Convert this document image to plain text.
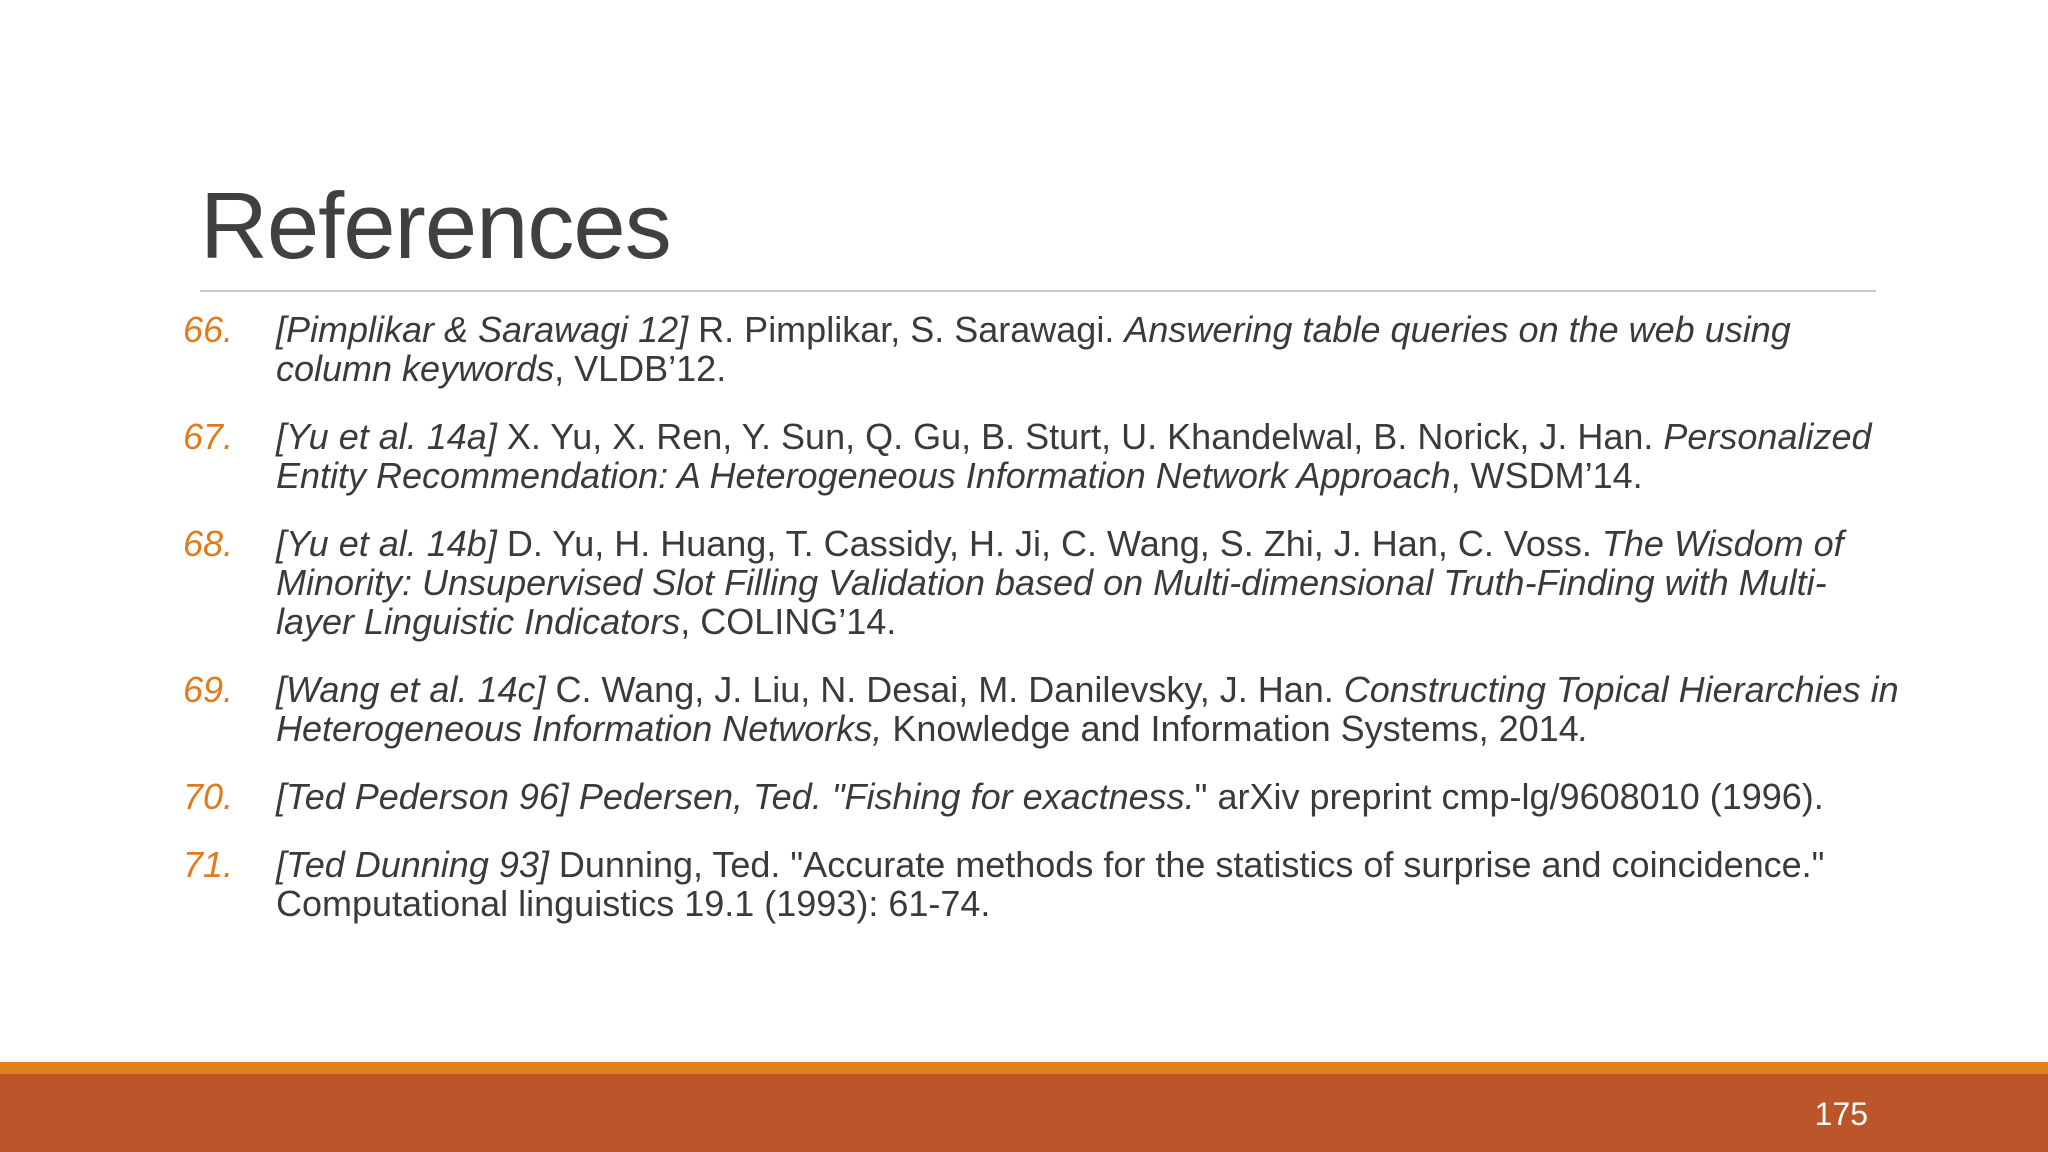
References
66. [Pimplikar & Sarawagi 12] R. Pimplikar, S. Sarawagi. Answering table queries on the web using column keywords, VLDB’12.
67. [Yu et al. 14a] X. Yu, X. Ren, Y. Sun, Q. Gu, B. Sturt, U. Khandelwal, B. Norick, J. Han. Personalized Entity Recommendation: A Heterogeneous Information Network Approach, WSDM’14.
68. [Yu et al. 14b] D. Yu, H. Huang, T. Cassidy, H. Ji, C. Wang, S. Zhi, J. Han, C. Voss. The Wisdom of Minority: Unsupervised Slot Filling Validation based on Multi-dimensional Truth-Finding with Multi-layer Linguistic Indicators, COLING’14.
69. [Wang et al. 14c] C. Wang, J. Liu, N. Desai, M. Danilevsky, J. Han. Constructing Topical Hierarchies in Heterogeneous Information Networks, Knowledge and Information Systems, 2014.
70. [Ted Pederson 96] Pedersen, Ted. "Fishing for exactness." arXiv preprint cmp-lg/9608010 (1996).
71. [Ted Dunning 93] Dunning, Ted. "Accurate methods for the statistics of surprise and coincidence." Computational linguistics 19.1 (1993): 61-74.
175
